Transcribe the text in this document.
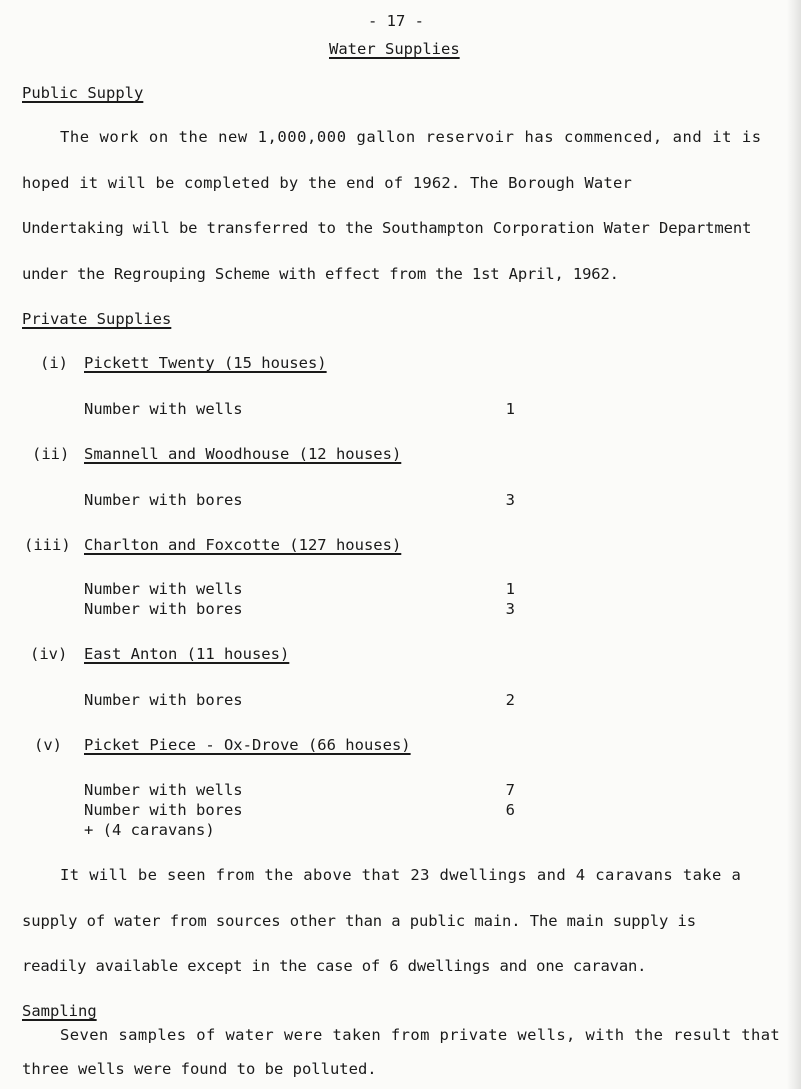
- 17 -
Water Supplies
Public Supply
The work on the new 1,000,000 gallon reservoir has commenced, and it is
hoped it will be completed by the end of 1962. The Borough Water
Undertaking will be transferred to the Southampton Corporation Water Department
under the Regrouping Scheme with effect from the 1st April, 1962.
Private Supplies
(i) Pickett Twenty (15 houses)
Number with wells	1
(ii) Smannell and Woodhouse (12 houses)
Number with bores	3
(iii) Charlton and Foxcotte (127 houses)
Number with wells	1
Number with bores	3
(iv) East Anton (11 houses)
Number with bores	2
(v) Picket Piece - Ox-Drove (66 houses)
Number with wells	7
Number with bores	6
+ (4 caravans)
It will be seen from the above that 23 dwellings and 4 caravans take a
supply of water from sources other than a public main. The main supply is
readily available except in the case of 6 dwellings and one caravan.
Sampling
Seven samples of water were taken from private wells, with the result that
three wells were found to be polluted.
